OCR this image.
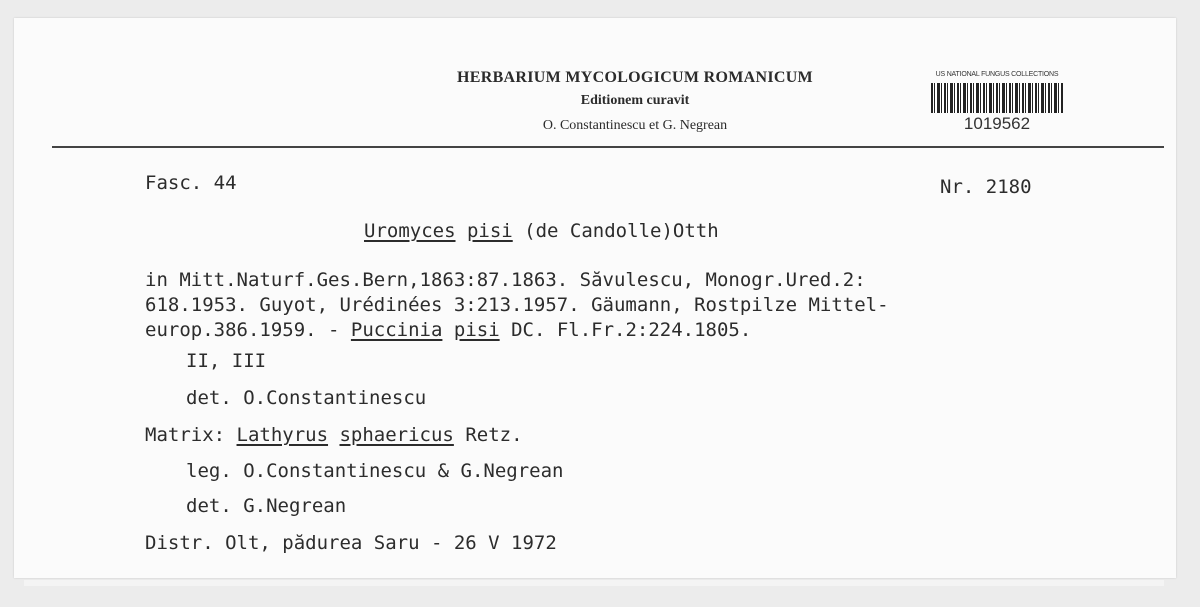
HERBARIUM MYCOLOGICUM ROMANICUM
Editionem curavit
O. Constantinescu et G. Negrean
US NATIONAL FUNGUS COLLECTIONS
1019562
Fasc. 44	Nr. 2180
Uromyces pisi (de Candolle)Otth
in Mitt.Naturf.Ges.Bern,1863:87.1863. Săvulescu, Monogr.Ured.2:
618.1953. Guyot, Urédinées 3:213.1957. Gäumann, Rostpilze Mittel-
europ.386.1959. - Puccinia pisi DC. Fl.Fr.2:224.1805.
II, III
det. O.Constantinescu
Matrix: Lathyrus sphaericus Retz.
leg. O.Constantinescu & G.Negrean
det. G.Negrean
Distr. Olt, pădurea Saru - 26 V 1972
